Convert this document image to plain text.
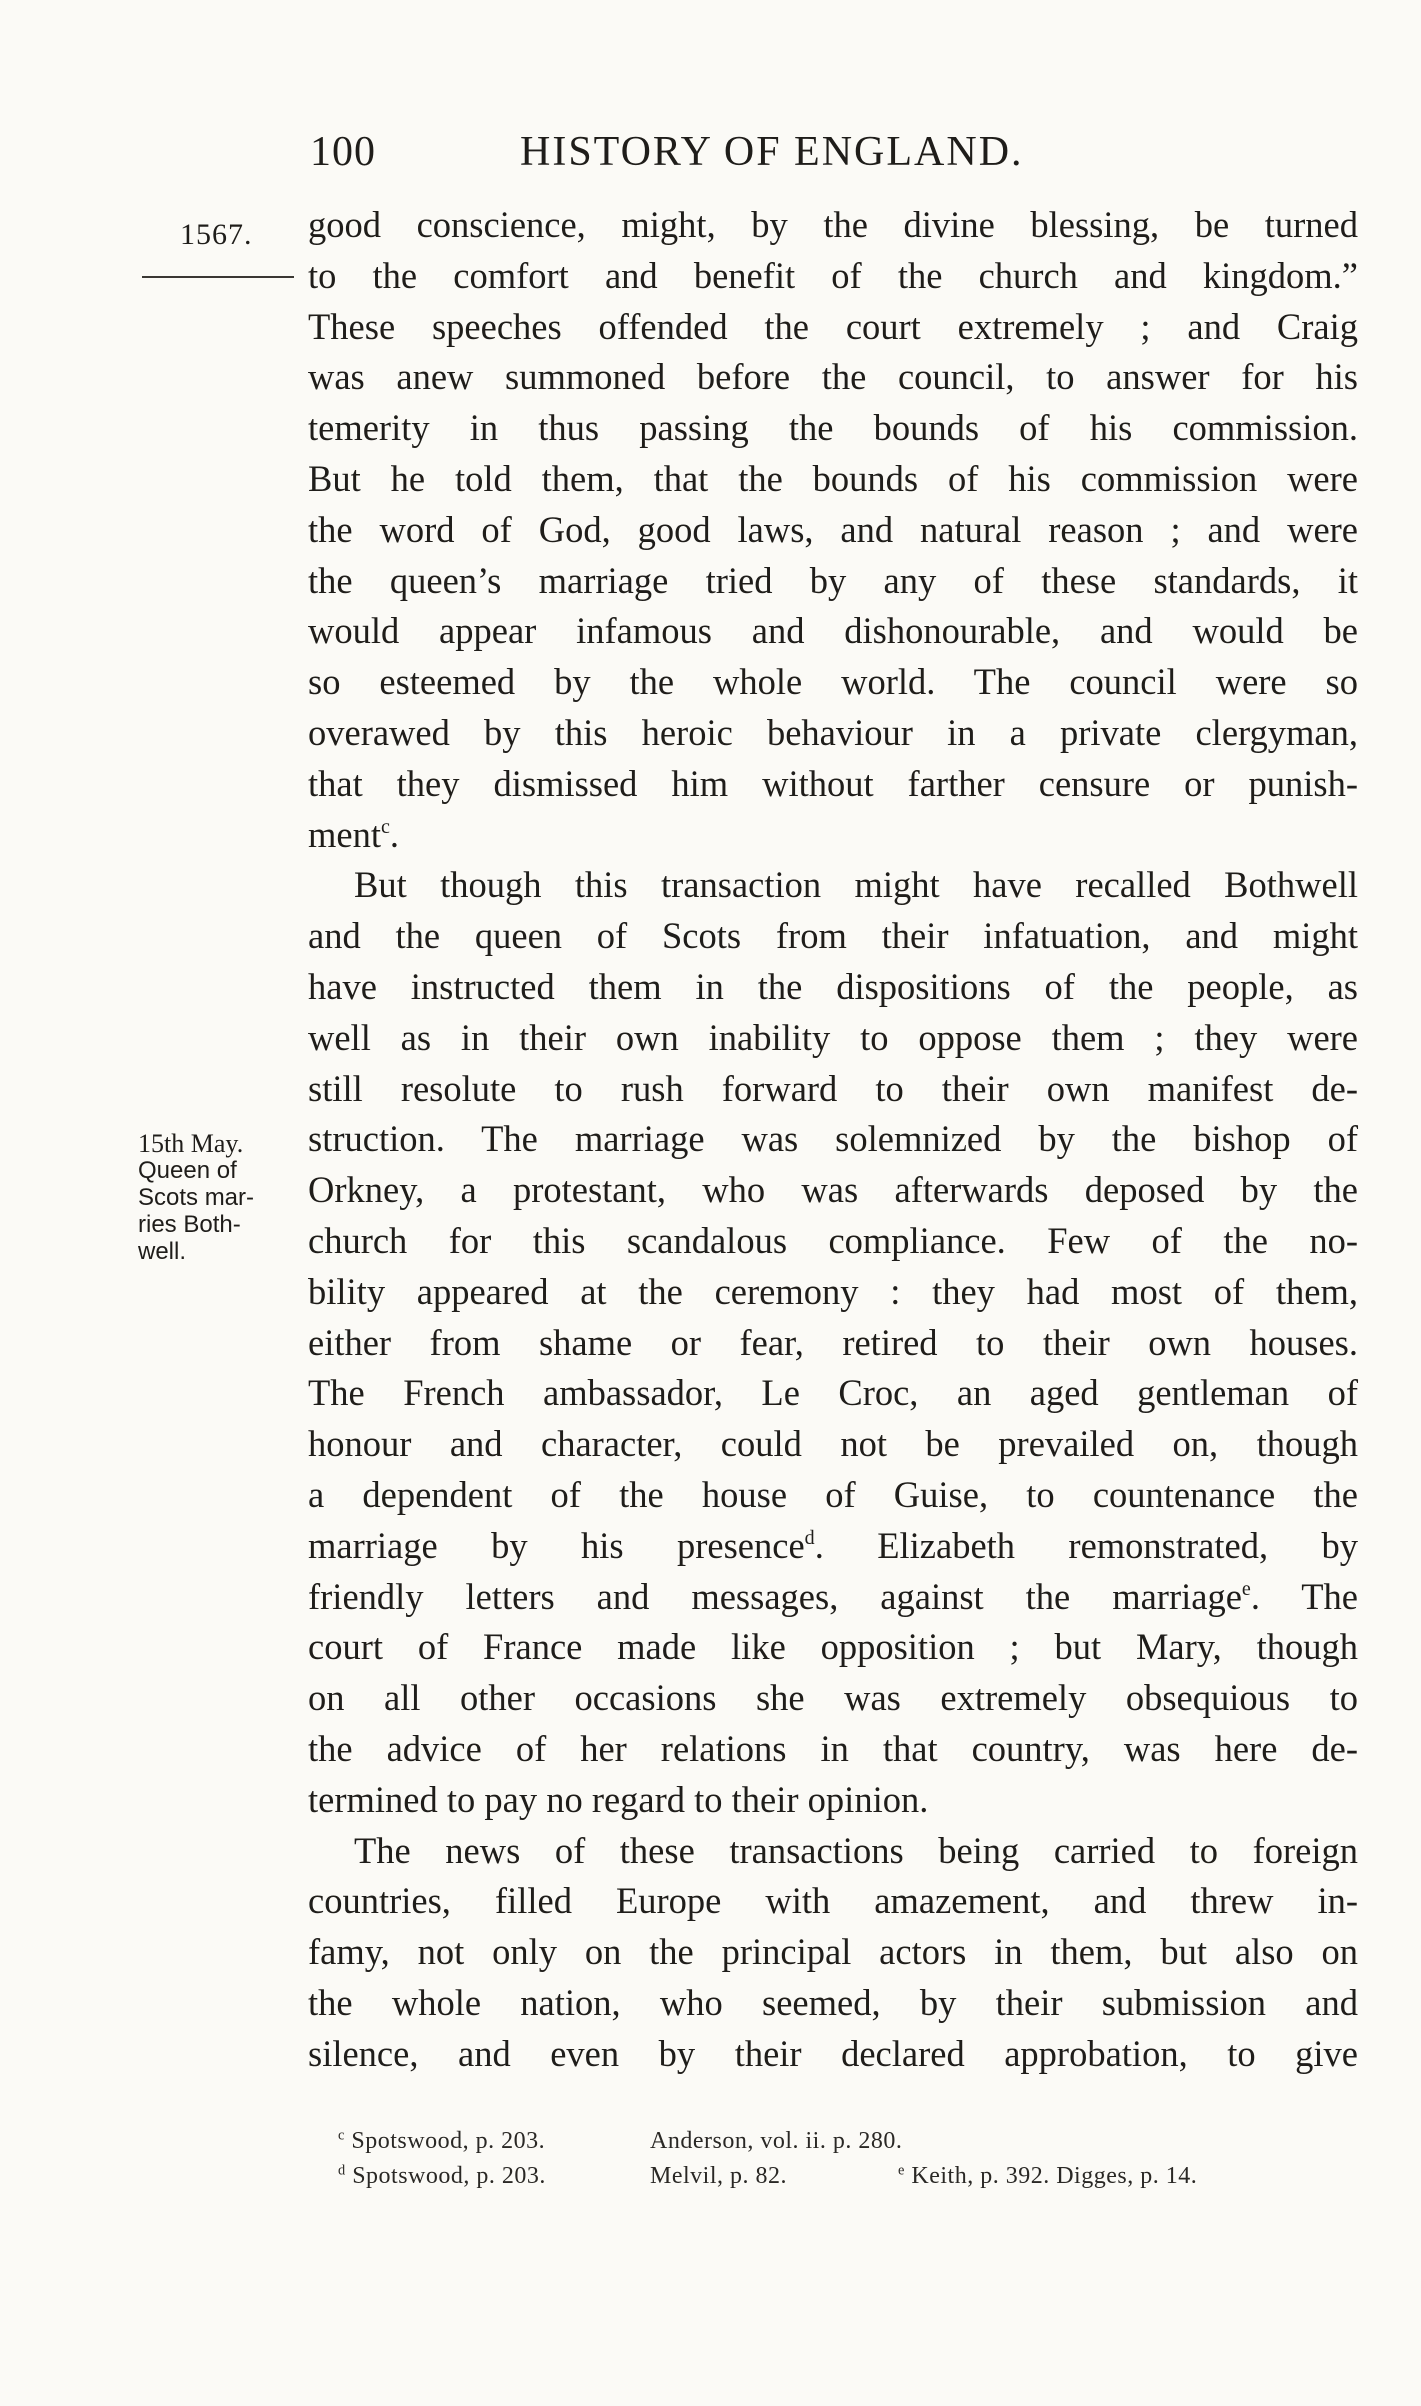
100	HISTORY OF ENGLAND.
1567.
15th May.
Queen of
Scots mar-
ries Both-
well.
good conscience, might, by the divine blessing, be turned
to the comfort and benefit of the church and kingdom.”
These speeches offended the court extremely ; and Craig
was anew summoned before the council, to answer for his
temerity in thus passing the bounds of his commission.
But he told them, that the bounds of his commission were
the word of God, good laws, and natural reason ; and were
the queen’s marriage tried by any of these standards, it
would appear infamous and dishonourable, and would be
so esteemed by the whole world. The council were so
overawed by this heroic behaviour in a private clergyman,
that they dismissed him without farther censure or punish-
ment$^c$.
But though this transaction might have recalled Bothwell
and the queen of Scots from their infatuation, and might
have instructed them in the dispositions of the people, as
well as in their own inability to oppose them ; they were
still resolute to rush forward to their own manifest de-
struction. The marriage was solemnized by the bishop of
Orkney, a protestant, who was afterwards deposed by the
church for this scandalous compliance. Few of the no-
bility appeared at the ceremony : they had most of them,
either from shame or fear, retired to their own houses.
The French ambassador, Le Croc, an aged gentleman of
honour and character, could not be prevailed on, though
a dependent of the house of Guise, to countenance the
marriage by his presence$^d$. Elizabeth remonstrated, by
friendly letters and messages, against the marriage$^e$. The
court of France made like opposition ; but Mary, though
on all other occasions she was extremely obsequious to
the advice of her relations in that country, was here de-
termined to pay no regard to their opinion.
The news of these transactions being carried to foreign
countries, filled Europe with amazement, and threw in-
famy, not only on the principal actors in them, but also on
the whole nation, who seemed, by their submission and
silence, and even by their declared approbation, to give
$^c$ Spotswood, p. 203.	Anderson, vol. ii. p. 280.
$^d$ Spotswood, p. 203.	Melvil, p. 82.	$^e$ Keith, p. 392. Digges, p. 14.
